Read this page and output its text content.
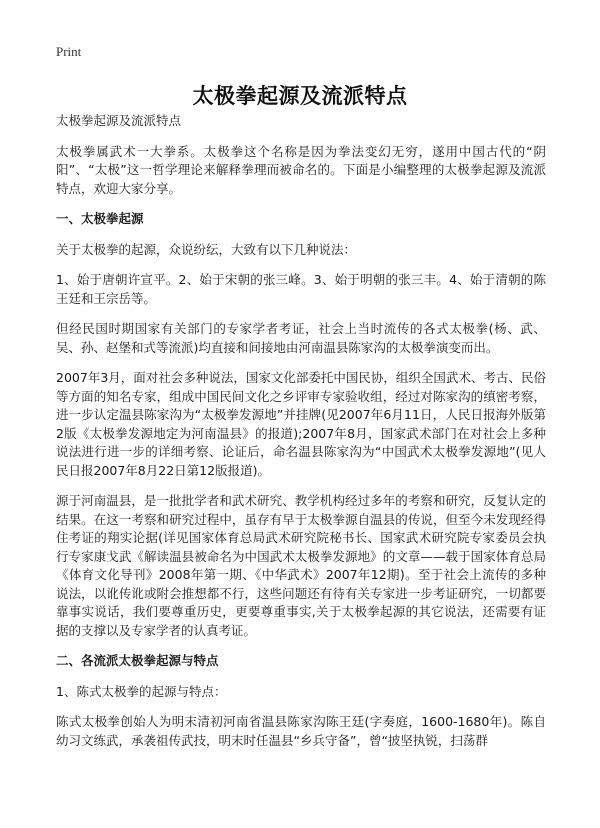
Print
太极拳起源及流派特点

太极拳起源及流派特点

太极拳属武术一大拳系。太极拳这个名称是因为拳法变幻无穷，遂用中国古代的“阴阳”、“太极”这一哲学理论来解释拳理而被命名的。下面是小编整理的太极拳起源及流派特点，欢迎大家分享。

一、太极拳起源

关于太极拳的起源，众说纷纭，大致有以下几种说法：

1、始于唐朝许宣平。2、始于宋朝的张三峰。3、始于明朝的张三丰。4、始于清朝的陈王廷和王宗岳等。

但经民国时期国家有关部门的专家学者考证，社会上当时流传的各式太极拳(杨、武、吴、孙、赵堡和式等流派)均直接和间接地由河南温县陈家沟的太极拳演变而出。

2007年3月，面对社会多种说法，国家文化部委托中国民协，组织全国武术、考古、民俗等方面的知名专家，组成中国民间文化之乡评审专家验收组，经过对陈家沟的缜密考察，进一步认定温县陈家沟为“太极拳发源地”并挂牌(见2007年6月11日，人民日报海外版第2版《太极拳发源地定为河南温县》的报道);2007年8月，国家武术部门在对社会上多种说法进行进一步的详细考察、论证后，命名温县陈家沟为“中国武术太极拳发源地”(见人民日报2007年8月22日第12版报道)。

源于河南温县，是一批批学者和武术研究、教学机构经过多年的考察和研究，反复认定的结果。在这一考察和研究过程中，虽存有早于太极拳源自温县的传说，但至今未发现经得住考证的翔实论据(详见国家体育总局武术研究院秘书长、国家武术研究院专家委员会执行专家康戈武《解读温县被命名为中国武术太极拳发源地》的文章——载于国家体育总局《体育文化导刊》2008年第一期、《中华武术》2007年12期)。至于社会上流传的多种说法，以讹传讹或附会推想都不行，这些问题还有待有关专家进一步考证研究，一切都要靠事实说话，我们要尊重历史，更要尊重事实,关于太极拳起源的其它说法，还需要有证据的支撑以及专家学者的认真考证。

二、各流派太极拳起源与特点

1、陈式太极拳的起源与特点：

陈式太极拳创始人为明末清初河南省温县陈家沟陈王廷(字奏庭，1600-1680年)。陈自幼习文练武，承袭祖传武技，明末时任温县“乡兵守备”，曾“披坚执锐，扫荡群
